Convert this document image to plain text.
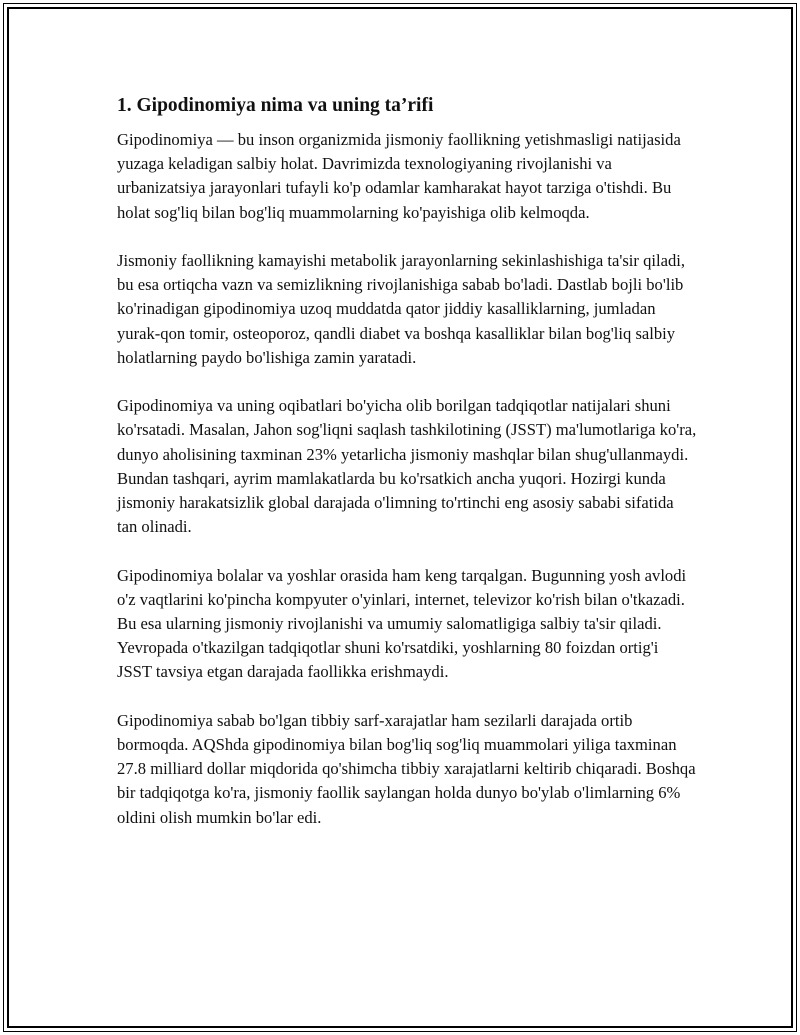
1. Gipodinomiya nima va uning ta’rifi

Gipodinomiya — bu inson organizmida jismoniy faollikning yetishmasligi natijasida yuzaga keladigan salbiy holat. Davrimizda texnologiyaning rivojlanishi va urbanizatsiya jarayonlari tufayli ko'p odamlar kamharakat hayot tarziga o'tishdi. Bu holat sog'liq bilan bog'liq muammolarning ko'payishiga olib kelmoqda.

Jismoniy faollikning kamayishi metabolik jarayonlarning sekinlashishiga ta'sir qiladi, bu esa ortiqcha vazn va semizlikning rivojlanishiga sabab bo'ladi. Dastlab bojli bo'lib ko'rinadigan gipodinomiya uzoq muddatda qator jiddiy kasalliklarning, jumladan yurak-qon tomir, osteoporoz, qandli diabet va boshqa kasalliklar bilan bog'liq salbiy holatlarning paydo bo'lishiga zamin yaratadi.

Gipodinomiya va uning oqibatlari bo'yicha olib borilgan tadqiqotlar natijalari shuni ko'rsatadi. Masalan, Jahon sog'liqni saqlash tashkilotining (JSST) ma'lumotlariga ko'ra, dunyo aholisining taxminan 23% yetarlicha jismoniy mashqlar bilan shug'ullanmaydi. Bundan tashqari, ayrim mamlakatlarda bu ko'rsatkich ancha yuqori. Hozirgi kunda jismoniy harakatsizlik global darajada o'limning to'rtinchi eng asosiy sababi sifatida tan olinadi.

Gipodinomiya bolalar va yoshlar orasida ham keng tarqalgan. Bugunning yosh avlodi o'z vaqtlarini ko'pincha kompyuter o'yinlari, internet, televizor ko'rish bilan o'tkazadi. Bu esa ularning jismoniy rivojlanishi va umumiy salomatligiga salbiy ta'sir qiladi. Yevropada o'tkazilgan tadqiqotlar shuni ko'rsatdiki, yoshlarning 80 foizdan ortig'i JSST tavsiya etgan darajada faollikka erishmaydi.

Gipodinomiya sabab bo'lgan tibbiy sarf-xarajatlar ham sezilarli darajada ortib bormoqda. AQShda gipodinomiya bilan bog'liq sog'liq muammolari yiliga taxminan 27.8 milliard dollar miqdorida qo'shimcha tibbiy xarajatlarni keltirib chiqaradi. Boshqa bir tadqiqotga ko'ra, jismoniy faollik saylangan holda dunyo bo'ylab o'limlarning 6% oldini olish mumkin bo'lar edi.
